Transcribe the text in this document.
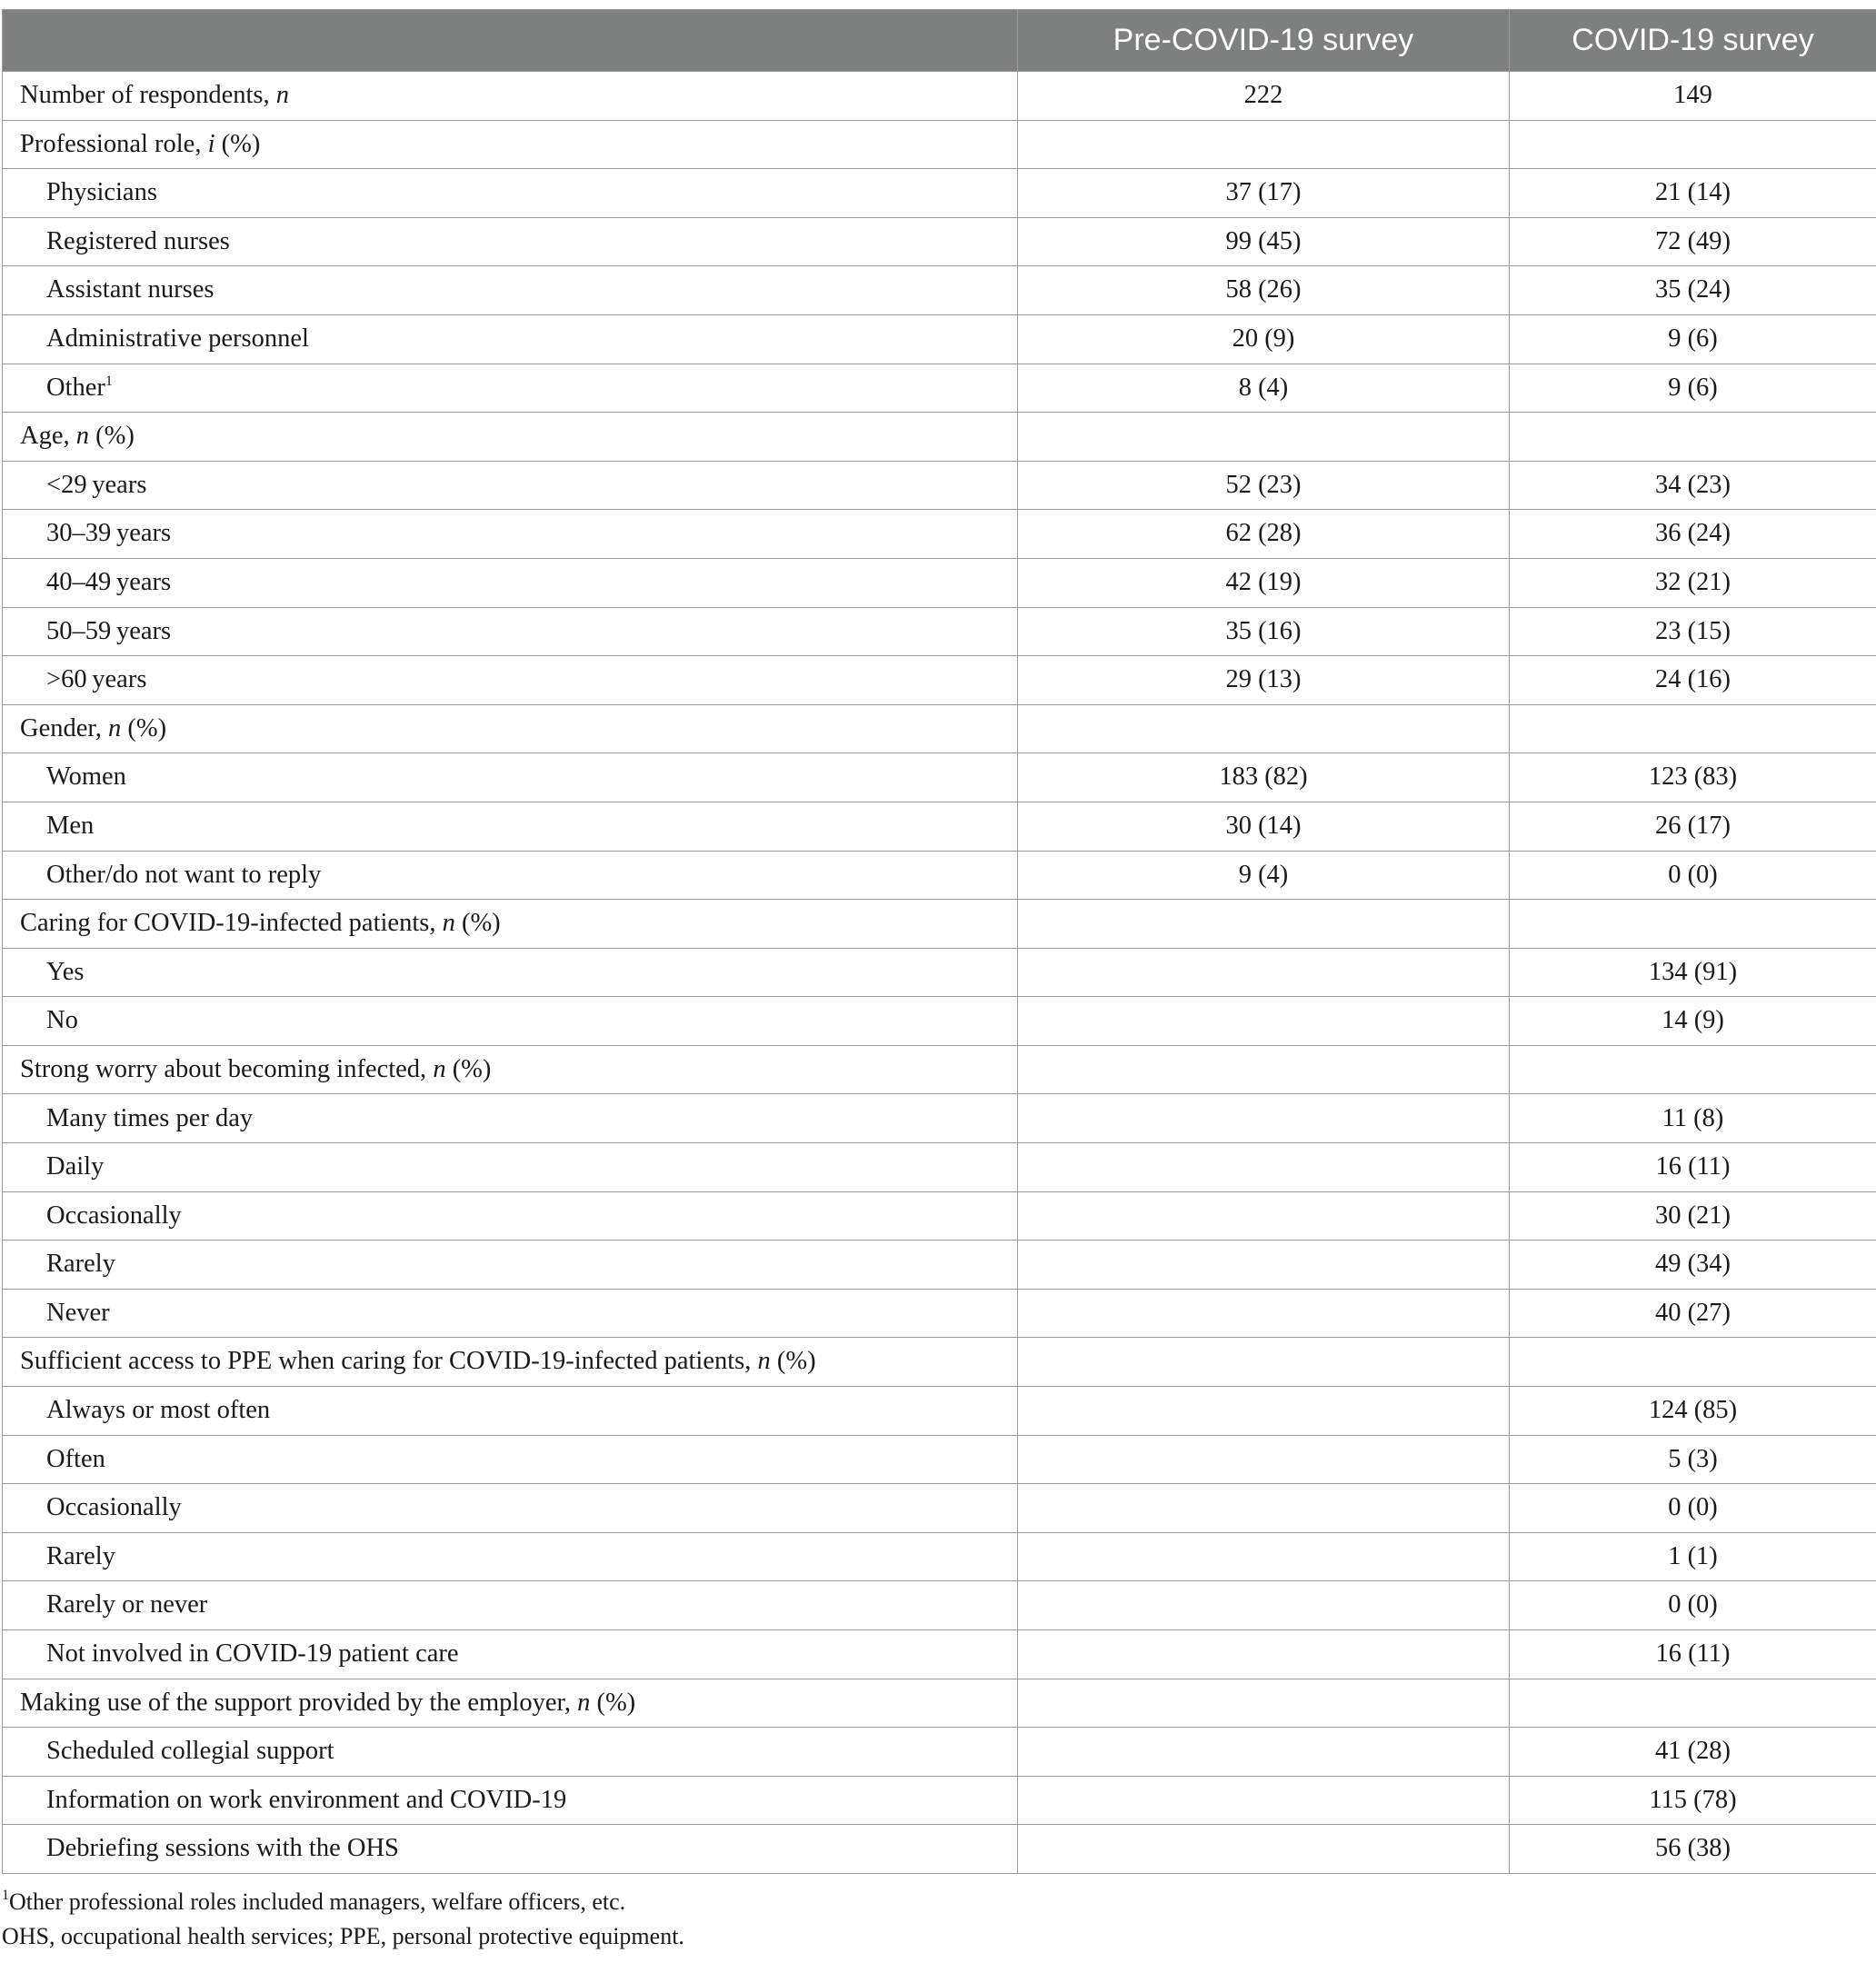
	Pre-COVID-19 survey	COVID-19 survey
Number of respondents, n	222	149
Professional role, i (%)		
Physicians	37 (17)	21 (14)
Registered nurses	99 (45)	72 (49)
Assistant nurses	58 (26)	35 (24)
Administrative personnel	20 (9)	9 (6)
Other$^1$	8 (4)	9 (6)
Age, n (%)		
<29 years	52 (23)	34 (23)
30–39 years	62 (28)	36 (24)
40–49 years	42 (19)	32 (21)
50–59 years	35 (16)	23 (15)
>60 years	29 (13)	24 (16)
Gender, n (%)		
Women	183 (82)	123 (83)
Men	30 (14)	26 (17)
Other/do not want to reply	9 (4)	0 (0)
Caring for COVID-19-infected patients, n (%)		
Yes		134 (91)
No		14 (9)
Strong worry about becoming infected, n (%)		
Many times per day		11 (8)
Daily		16 (11)
Occasionally		30 (21)
Rarely		49 (34)
Never		40 (27)
Sufficient access to PPE when caring for COVID-19-infected patients, n (%)		
Always or most often		124 (85)
Often		5 (3)
Occasionally		0 (0)
Rarely		1 (1)
Rarely or never		0 (0)
Not involved in COVID-19 patient care		16 (11)
Making use of the support provided by the employer, n (%)		
Scheduled collegial support		41 (28)
Information on work environment and COVID-19		115 (78)
Debriefing sessions with the OHS		56 (38)

$^1$Other professional roles included managers, welfare officers, etc.

OHS, occupational health services; PPE, personal protective equipment.
